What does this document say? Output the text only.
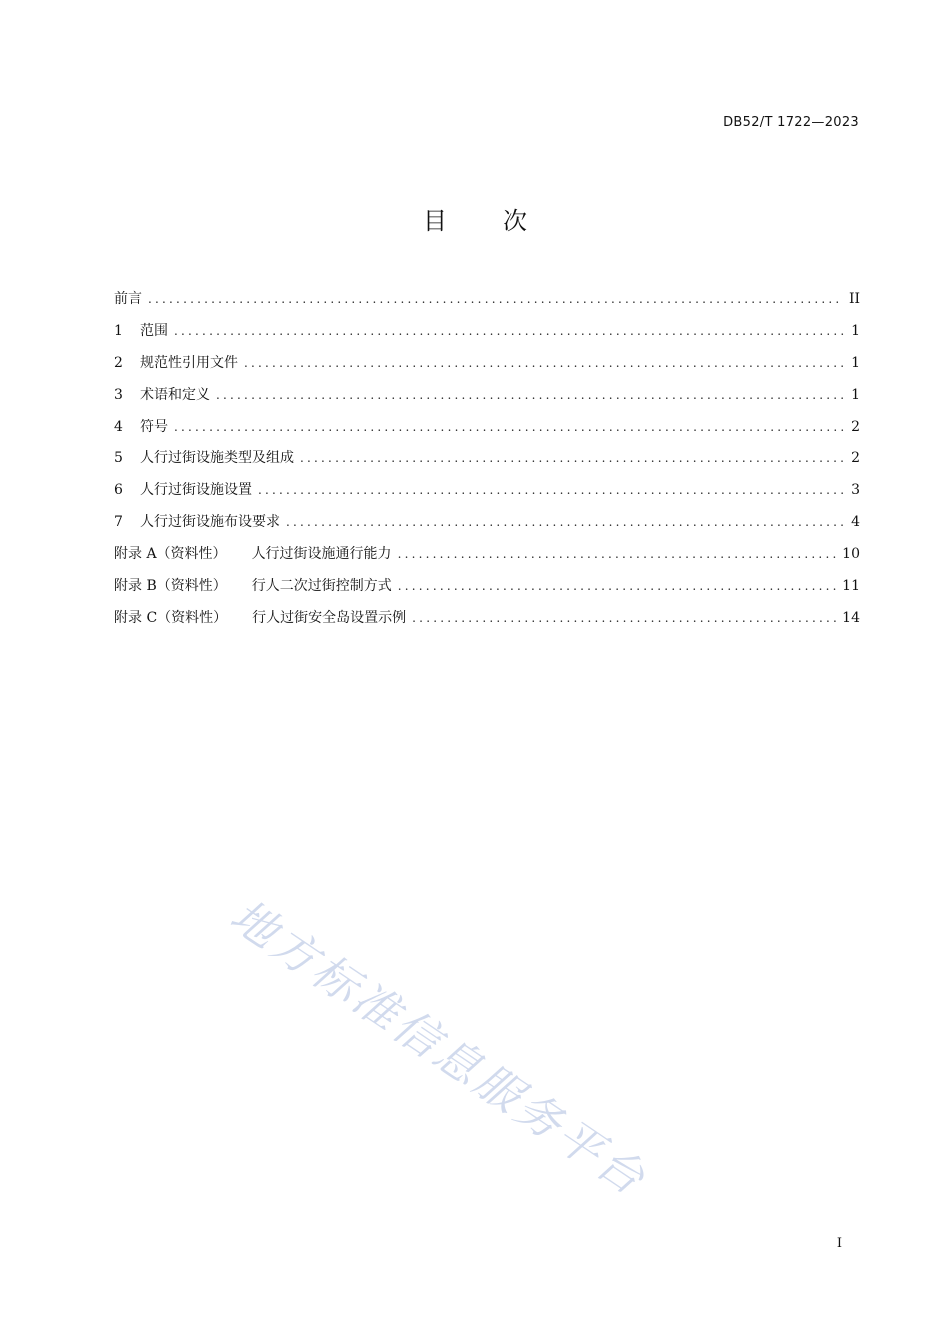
DB52/T 1722—2023
目 次
前言 .....	II
1	范围 .....	1
2	规范性引用文件 .....	1
3	术语和定义 .....	1
4	符号 .....	2
5	人行过街设施类型及组成 .....	2
6	人行过街设施设置 .....	3
7	人行过街设施布设要求 .....	4
附录 A（资料性） 人行过街设施通行能力 .....	10
附录 B（资料性） 行人二次过街控制方式 .....	11
附录 C（资料性） 行人过街安全岛设置示例 .....	14
地方标准信息服务平台
I
